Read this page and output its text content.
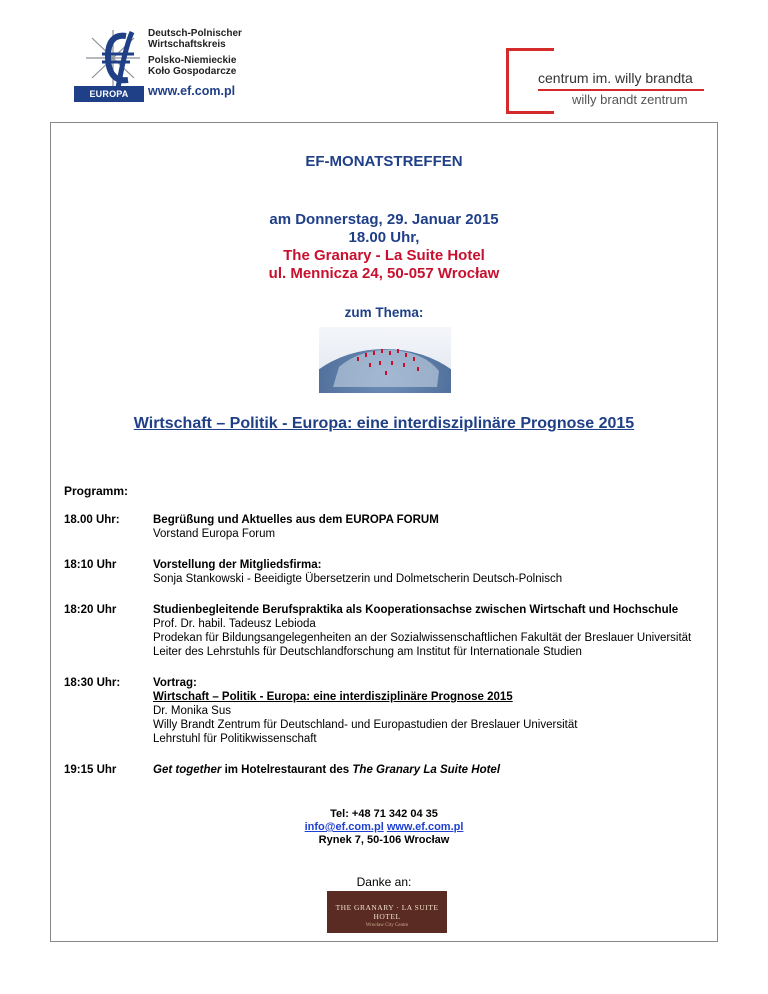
EUROPA FORUM
Deutsch-Polnischer
Wirtschaftskreis
Polsko-Niemieckie
Koło Gospodarcze
www.ef.com.pl
centrum im. willy brandta
willy brandt zentrum
EF-MONATSTREFFEN
am Donnerstag, 29. Januar 2015
18.00 Uhr,
The Granary - La Suite Hotel
ul. Mennicza 24, 50-057 Wrocław
zum Thema:
Wirtschaft – Politik - Europa: eine interdisziplinäre Prognose 2015
Programm:
18.00 Uhr:	Begrüßung und Aktuelles aus dem EUROPA FORUM
Vorstand Europa Forum
18:10 Uhr	Vorstellung der Mitgliedsfirma:
Sonja Stankowski - Beeidigte Übersetzerin und Dolmetscherin Deutsch-Polnisch
18:20 Uhr	Studienbegleitende Berufspraktika als Kooperationsachse zwischen Wirtschaft und Hochschule
Prof. Dr. habil. Tadeusz Lebioda
Prodekan für Bildungsangelegenheiten an der Sozialwissenschaftlichen Fakultät der Breslauer Universität
Leiter des Lehrstuhls für Deutschlandforschung am Institut für Internationale Studien
18:30 Uhr:	Vortrag:
Wirtschaft – Politik - Europa: eine interdisziplinäre Prognose 2015
Dr. Monika Sus
Willy Brandt Zentrum für Deutschland- und Europastudien der Breslauer Universität
Lehrstuhl für Politikwissenschaft
19:15 Uhr	Get together im Hotelrestaurant des The Granary La Suite Hotel
Tel: +48 71 342 04 35
info@ef.com.pl www.ef.com.pl
Rynek 7, 50-106 Wrocław
Danke an:
THE GRANARY · LA SUITE HOTEL
Wrocław City Centre
